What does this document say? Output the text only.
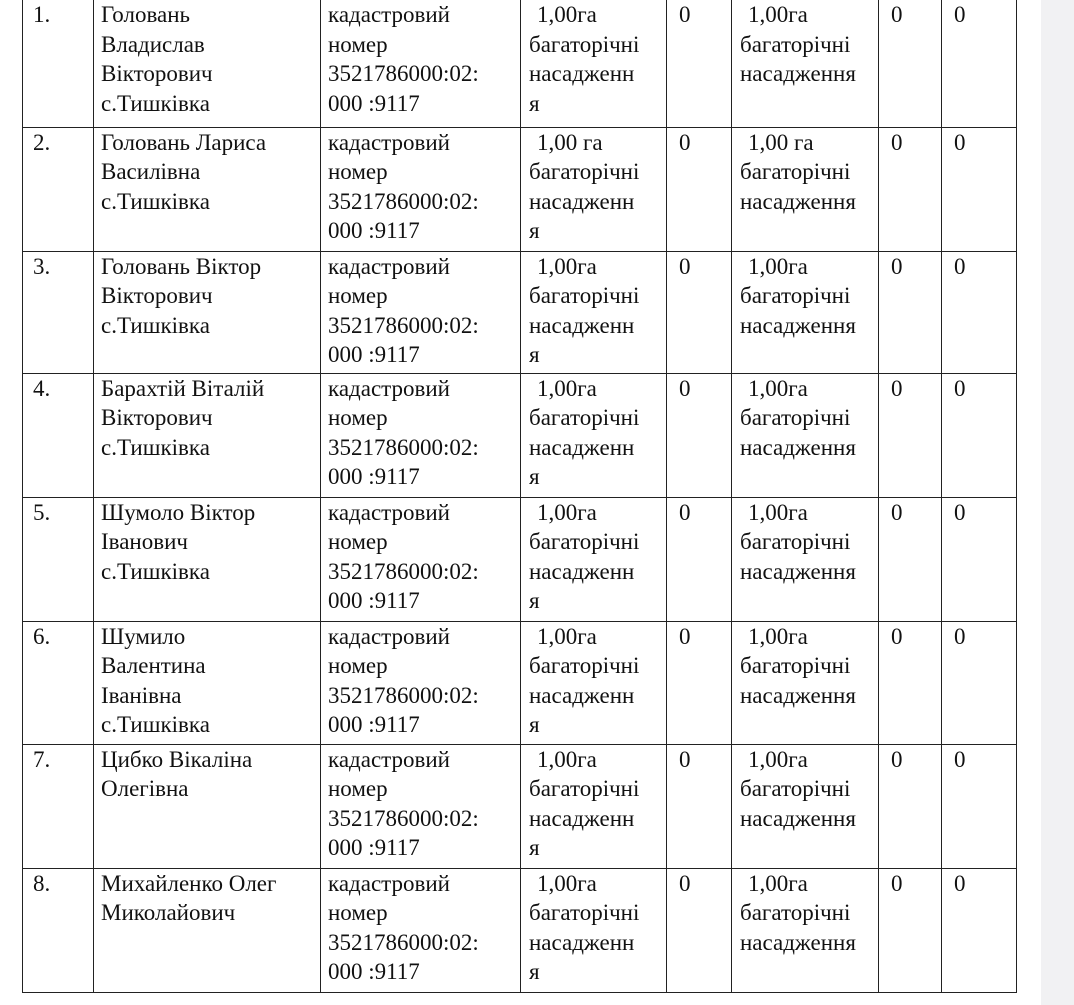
1.	Головань
Владислав
Вікторович
с.Тишківка	кадастровий
номер
3521786000:02:
000 :9117	1,00га
багаторічні
насадженн
я	0	1,00га
багаторічні
насадження	0	0

2.	Головань Лариса
Василівна
с.Тишківка	кадастровий
номер
3521786000:02:
000 :9117	1,00 га
багаторічні
насадженн
я	0	1,00 га
багаторічні
насадження	0	0

3.	Головань Віктор
Вікторович
с.Тишківка	кадастровий
номер
3521786000:02:
000 :9117	1,00га
багаторічні
насадженн
я	0	1,00га
багаторічні
насадження	0	0

4.	Барахтій Віталій
Вікторович
с.Тишківка	кадастровий
номер
3521786000:02:
000 :9117	1,00га
багаторічні
насадженн
я	0	1,00га
багаторічні
насадження	0	0

5.	Шумоло Віктор
Іванович
с.Тишківка	кадастровий
номер
3521786000:02:
000 :9117	1,00га
багаторічні
насадженн
я	0	1,00га
багаторічні
насадження	0	0

6.	Шумило
Валентина
Іванівна
с.Тишківка	кадастровий
номер
3521786000:02:
000 :9117	1,00га
багаторічні
насадженн
я	0	1,00га
багаторічні
насадження	0	0

7.	Цибко Вікаліна
Олегівна	кадастровий
номер
3521786000:02:
000 :9117	1,00га
багаторічні
насадженн
я	0	1,00га
багаторічні
насадження	0	0

8.	Михайленко Олег
Миколайович	кадастровий
номер
3521786000:02:
000 :9117	1,00га
багаторічні
насадженн
я	0	1,00га
багаторічні
насадження	0	0
